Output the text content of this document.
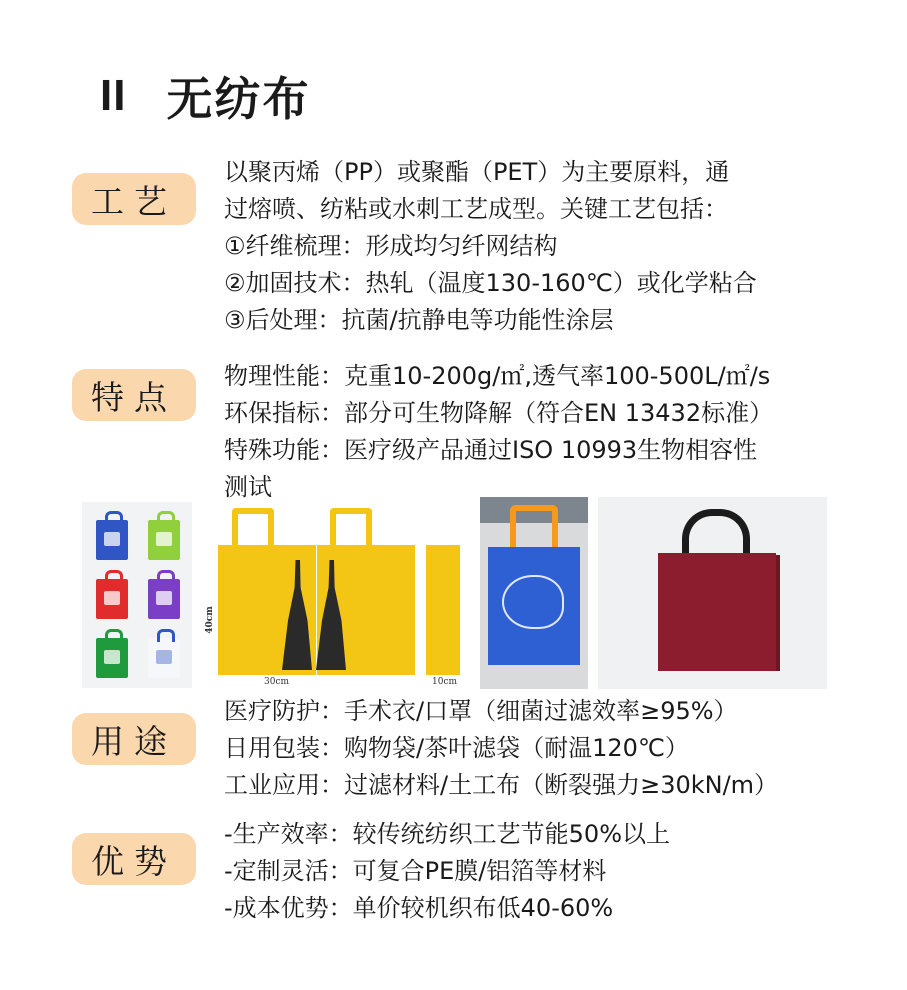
II 无纺布
工艺
以聚丙烯（PP）或聚酯（PET）为主要原料，通
过熔喷、纺粘或水刺工艺成型。关键工艺包括：
①纤维梳理：形成均匀纤网结构
②加固技术：热轧（温度130-160℃）或化学粘合
③后处理：抗菌/抗静电等功能性涂层
特点
物理性能：克重10-200g/㎡,透气率100-500L/㎡/s
环保指标：部分可生物降解（符合EN 13432标准）
特殊功能：医疗级产品通过ISO 10993生物相容性
测试
40cm
30cm	10cm
用途
医疗防护：手术衣/口罩（细菌过滤效率≥95%）
日用包装：购物袋/茶叶滤袋（耐温120℃）
工业应用：过滤材料/土工布（断裂强力≥30kN/m）
优势
-生产效率：较传统纺织工艺节能50%以上
-定制灵活：可复合PE膜/铝箔等材料
-成本优势：单价较机织布低40-60%
